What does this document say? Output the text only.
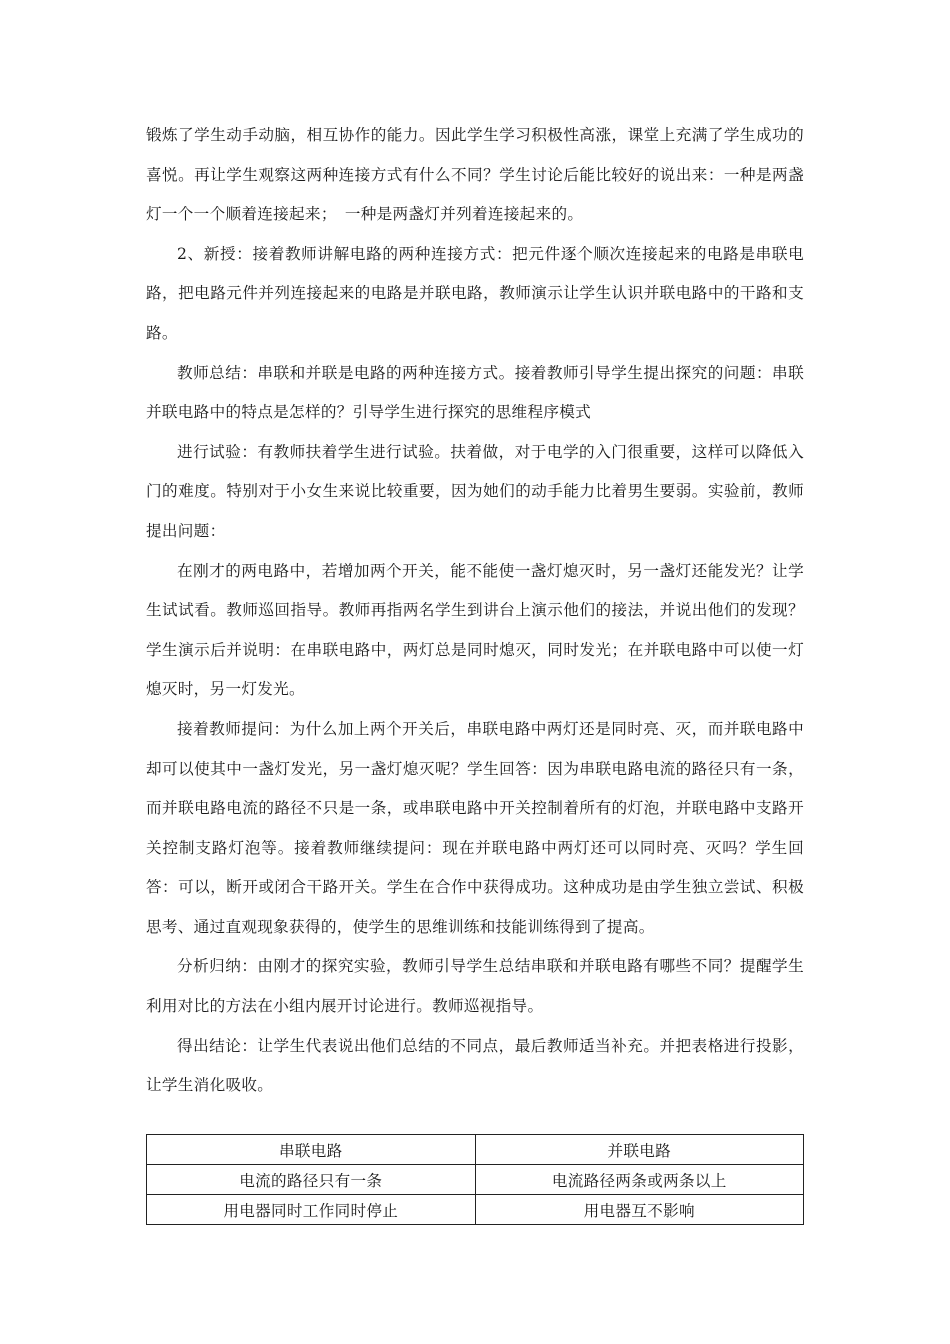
锻炼了学生动手动脑，相互协作的能力。因此学生学习积极性高涨，课堂上充满了学生成功的喜悦。再让学生观察这两种连接方式有什么不同？学生讨论后能比较好的说出来：一种是两盏灯一个一个顺着连接起来；　一种是两盏灯并列着连接起来的。

2、新授：接着教师讲解电路的两种连接方式：把元件逐个顺次连接起来的电路是串联电路，把电路元件并列连接起来的电路是并联电路，教师演示让学生认识并联电路中的干路和支路。

教师总结：串联和并联是电路的两种连接方式。接着教师引导学生提出探究的问题：串联并联电路中的特点是怎样的？引导学生进行探究的思维程序模式

进行试验：有教师扶着学生进行试验。扶着做，对于电学的入门很重要，这样可以降低入门的难度。特别对于小女生来说比较重要，因为她们的动手能力比着男生要弱。实验前，教师提出问题：

在刚才的两电路中，若增加两个开关，能不能使一盏灯熄灭时，另一盏灯还能发光？让学生试试看。教师巡回指导。教师再指两名学生到讲台上演示他们的接法，并说出他们的发现？学生演示后并说明：在串联电路中，两灯总是同时熄灭，同时发光；在并联电路中可以使一灯熄灭时，另一灯发光。

接着教师提问：为什么加上两个开关后，串联电路中两灯还是同时亮、灭，而并联电路中却可以使其中一盏灯发光，另一盏灯熄灭呢？学生回答：因为串联电路电流的路径只有一条，而并联电路电流的路径不只是一条，或串联电路中开关控制着所有的灯泡，并联电路中支路开关控制支路灯泡等。接着教师继续提问：现在并联电路中两灯还可以同时亮、灭吗？学生回答：可以，断开或闭合干路开关。学生在合作中获得成功。这种成功是由学生独立尝试、积极思考、通过直观现象获得的，使学生的思维训练和技能训练得到了提高。

分析归纳：由刚才的探究实验，教师引导学生总结串联和并联电路有哪些不同？提醒学生利用对比的方法在小组内展开讨论进行。教师巡视指导。

得出结论：让学生代表说出他们总结的不同点，最后教师适当补充。并把表格进行投影，让学生消化吸收。

串联电路	并联电路
电流的路径只有一条	电流路径两条或两条以上
用电器同时工作同时停止	用电器互不影响
